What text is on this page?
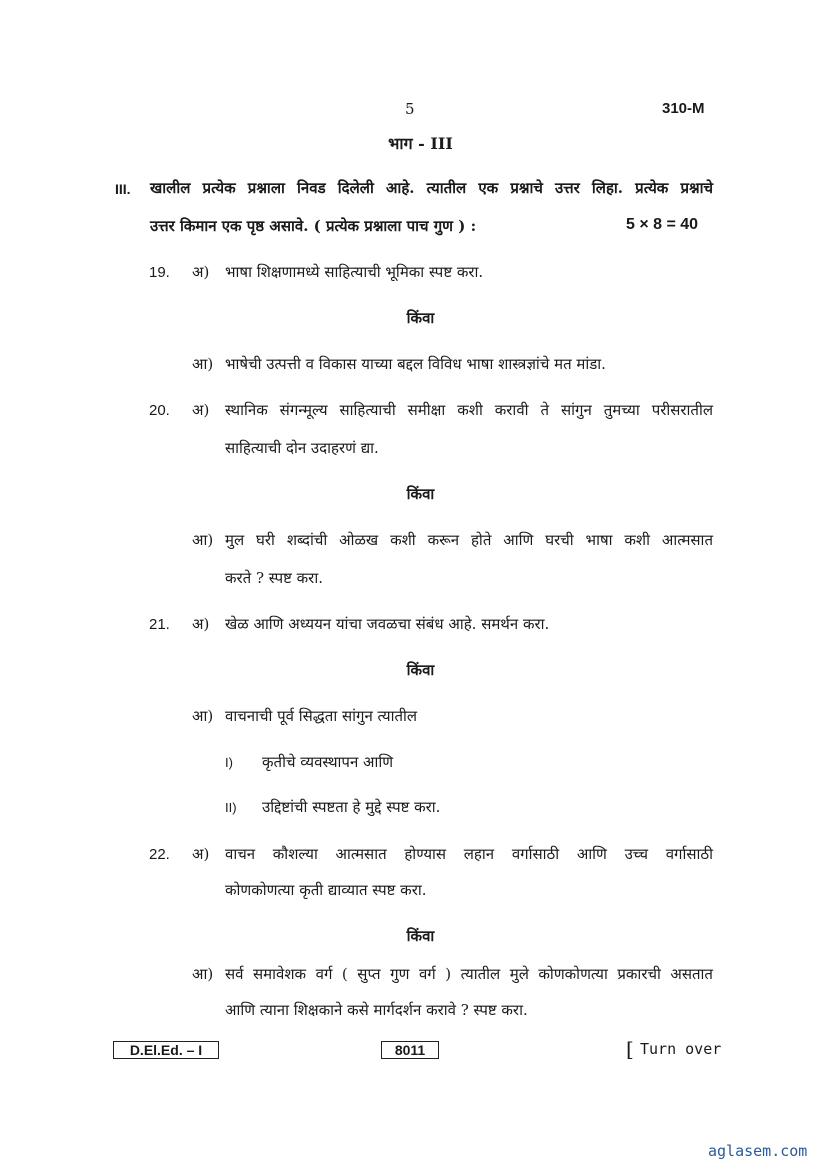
5	310-M
भाग - III
III. खालील प्रत्येक प्रश्नाला निवड दिलेली आहे. त्यातील एक प्रश्नाचे उत्तर लिहा. प्रत्येक प्रश्नाचे
उत्तर किमान एक पृष्ठ असावे. ( प्रत्येक प्रश्नाला पाच गुण ) :	5 × 8 = 40
19. अ) भाषा शिक्षणामध्ये साहित्याची भूमिका स्पष्ट करा.
किंवा
आ) भाषेची उत्पत्ती व विकास याच्या बद्दल विविध भाषा शास्त्रज्ञांचे मत मांडा.
20. अ) स्थानिक संगन्मूल्य साहित्याची समीक्षा कशी करावी ते सांगुन तुमच्या परीसरातील
साहित्याची दोन उदाहरणं द्या.
किंवा
आ) मुल घरी शब्दांची ओळख कशी करून होते आणि घरची भाषा कशी आत्मसात
करते ? स्पष्ट करा.
21. अ) खेळ आणि अध्ययन यांचा जवळचा संबंध आहे. समर्थन करा.
किंवा
आ) वाचनाची पूर्व सिद्धता सांगुन त्यातील
I) कृतीचे व्यवस्थापन आणि
II) उद्दिष्टांची स्पष्टता हे मुद्दे स्पष्ट करा.
22. अ) वाचन कौशल्या आत्मसात होण्यास लहान वर्गासाठी आणि उच्च वर्गासाठी
कोणकोणत्या कृती द्याव्यात स्पष्ट करा.
किंवा
आ) सर्व समावेशक वर्ग ( सुप्त गुण वर्ग ) त्यातील मुले कोणकोणत्या प्रकारची असतात
आणि त्याना शिक्षकाने कसे मार्गदर्शन करावे ? स्पष्ट करा.
D.El.Ed. – I	8011	[ Turn over
aglasem.com
